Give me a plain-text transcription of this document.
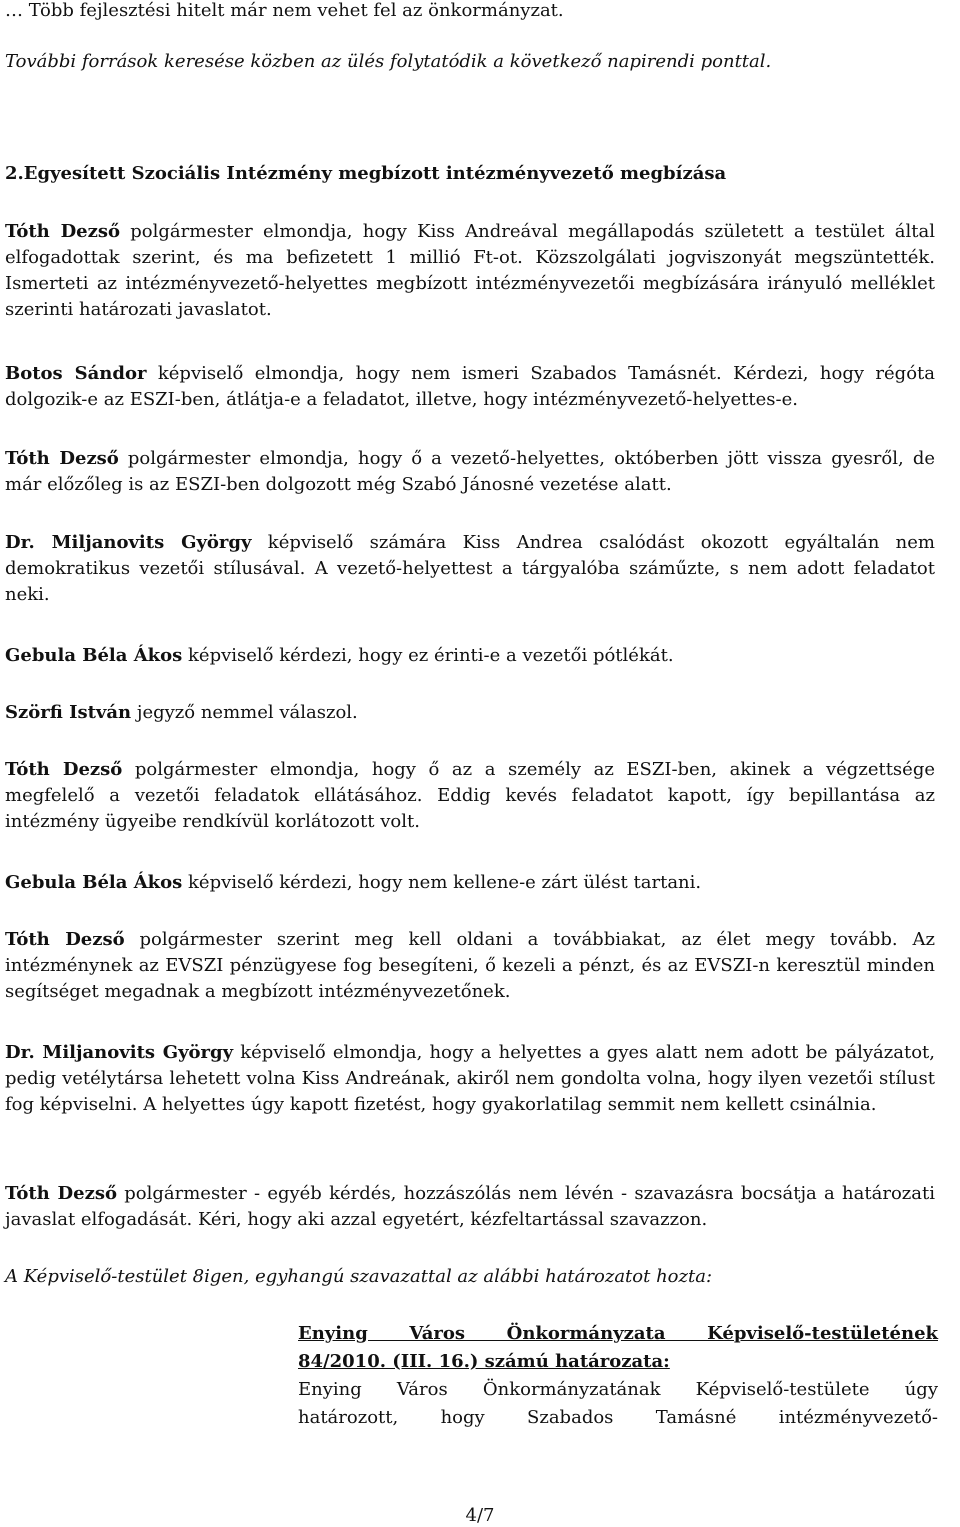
… Több fejlesztési hitelt már nem vehet fel az önkormányzat.

További források keresése közben az ülés folytatódik a következő napirendi ponttal.

2.Egyesített Szociális Intézmény megbízott intézményvezető megbízása

Tóth Dezső polgármester elmondja, hogy Kiss Andreával megállapodás született a testület által elfogadottak szerint, és ma befizetett 1 millió Ft-ot. Közszolgálati jogviszonyát megszüntették. Ismerteti az intézményvezető-helyettes megbízott intézményvezetői megbízására irányuló melléklet szerinti határozati javaslatot.
Botos Sándor képviselő elmondja, hogy nem ismeri Szabados Tamásnét. Kérdezi, hogy régóta dolgozik-e az ESZI-ben, átlátja-e a feladatot, illetve, hogy intézményvezető-helyettes-e.
Tóth Dezső polgármester elmondja, hogy ő a vezető-helyettes, októberben jött vissza gyesről, de már előzőleg is az ESZI-ben dolgozott még Szabó Jánosné vezetése alatt.
Dr. Miljanovits György képviselő számára Kiss Andrea csalódást okozott egyáltalán nem demokratikus vezetői stílusával. A vezető-helyettest a tárgyalóba száműzte, s nem adott feladatot neki.
Gebula Béla Ákos képviselő kérdezi, hogy ez érinti-e a vezetői pótlékát.
Szörfi István jegyző nemmel válaszol.
Tóth Dezső polgármester elmondja, hogy ő az a személy az ESZI-ben, akinek a végzettsége megfelelő a vezetői feladatok ellátásához. Eddig kevés feladatot kapott, így bepillantása az intézmény ügyeibe rendkívül korlátozott volt.
Gebula Béla Ákos képviselő kérdezi, hogy nem kellene-e zárt ülést tartani.
Tóth Dezső polgármester szerint meg kell oldani a továbbiakat, az élet megy tovább. Az intézménynek az EVSZI pénzügyese fog besegíteni, ő kezeli a pénzt, és az EVSZI-n keresztül minden segítséget megadnak a megbízott intézményvezetőnek.
Dr. Miljanovits György képviselő elmondja, hogy a helyettes a gyes alatt nem adott be pályázatot, pedig vetélytársa lehetett volna Kiss Andreának, akiről nem gondolta volna, hogy ilyen vezetői stílust fog képviselni. A helyettes úgy kapott fizetést, hogy gyakorlatilag semmit nem kellett csinálnia.
Tóth Dezső polgármester - egyéb kérdés, hozzászólás nem lévén - szavazásra bocsátja a határozati javaslat elfogadását. Kéri, hogy aki azzal egyetért, kézfeltartással szavazzon.

A Képviselő-testület 8igen, egyhangú szavazattal az alábbi határozatot hozta:

Enying Város Önkormányzata Képviselő-testületének
84/2010. (III. 16.) számú határozata:
Enying Város Önkormányzatának Képviselő-testülete úgy
határozott, hogy Szabados Tamásné intézményvezető-
4/7
